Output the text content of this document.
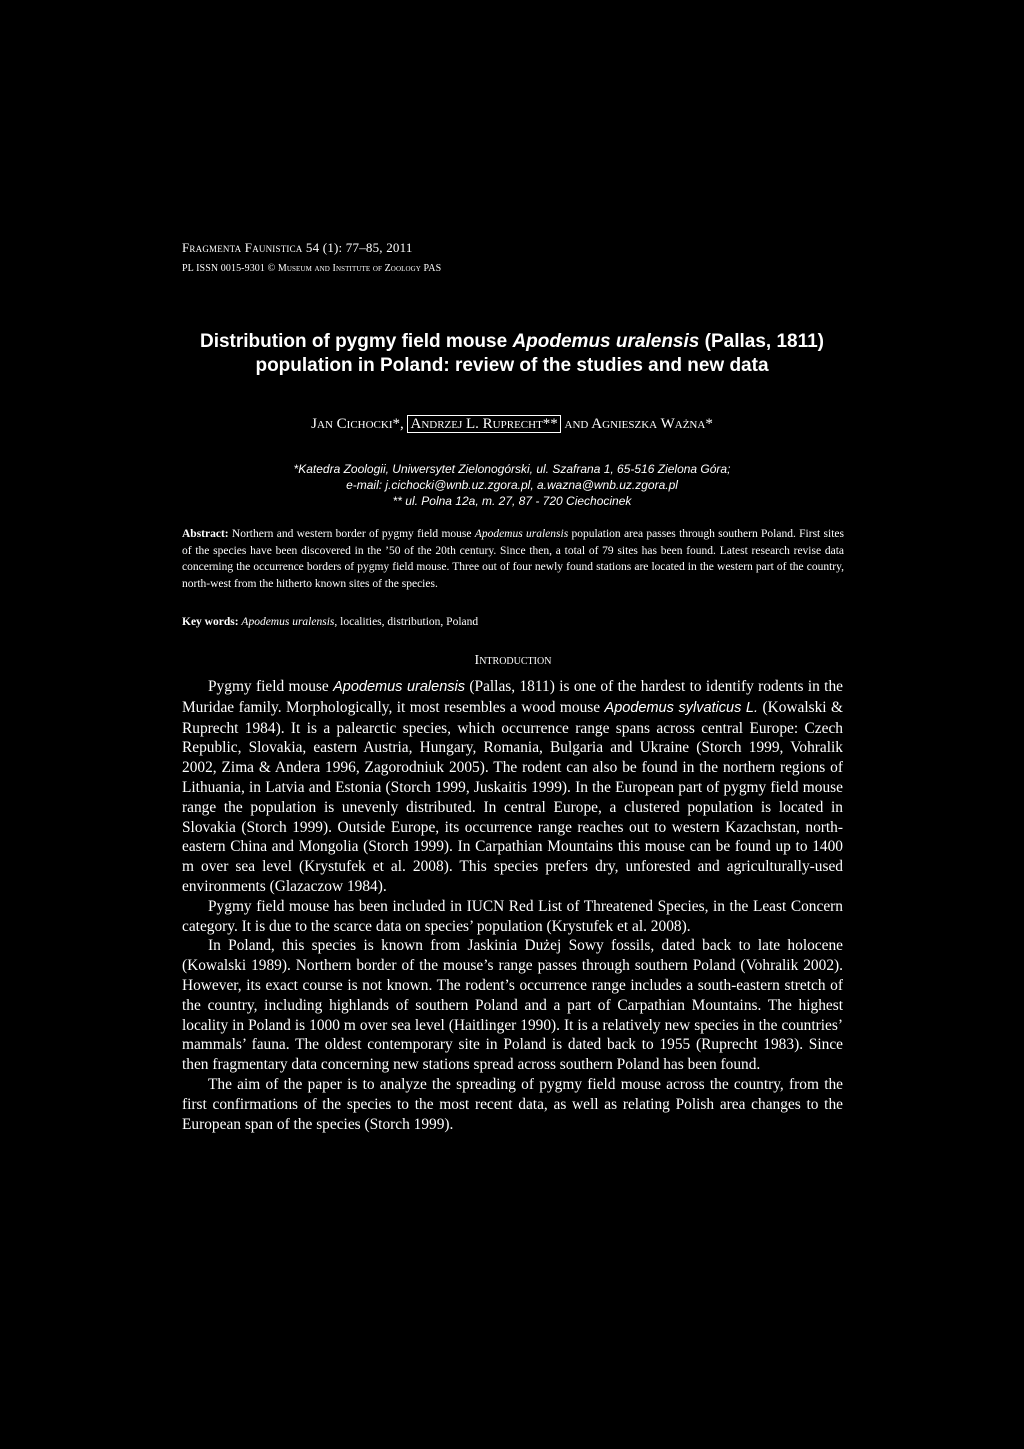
Fragmenta Faunistica 54 (1): 77–85, 2011
PL ISSN 0015-9301 © Museum and Institute of Zoology PAS
Distribution of pygmy field mouse Apodemus uralensis (Pallas, 1811) population in Poland: review of the studies and new data
Jan Cichocki*, Andrzej L. Ruprecht** and Agnieszka Ważna*
*Katedra Zoologii, Uniwersytet Zielonogórski, ul. Szafrana 1, 65-516 Zielona Góra;
e-mail: j.cichocki@wnb.uz.zgora.pl, a.wazna@wnb.uz.zgora.pl
** ul. Polna 12a, m. 27, 87 - 720 Ciechocinek
Abstract: Northern and western border of pygmy field mouse Apodemus uralensis population area passes through southern Poland. First sites of the species have been discovered in the ’50 of the 20th century. Since then, a total of 79 sites has been found. Latest research revise data concerning the occurrence borders of pygmy field mouse. Three out of four newly found stations are located in the western part of the country, north-west from the hitherto known sites of the species.
Key words: Apodemus uralensis, localities, distribution, Poland
Introduction

Pygmy field mouse Apodemus uralensis (Pallas, 1811) is one of the hardest to identify rodents in the Muridae family. Morphologically, it most resembles a wood mouse Apodemus sylvaticus L. (Kowalski & Ruprecht 1984). It is a palearctic species, which occurrence range spans across central Europe: Czech Republic, Slovakia, eastern Austria, Hungary, Romania, Bulgaria and Ukraine (Storch 1999, Vohralik 2002, Zima & Andera 1996, Zagorodniuk 2005). The rodent can also be found in the northern regions of Lithuania, in Latvia and Estonia (Storch 1999, Juskaitis 1999). In the European part of pygmy field mouse range the population is unevenly distributed. In central Europe, a clustered population is located in Slovakia (Storch 1999). Outside Europe, its occurrence range reaches out to western Kazachstan, north-eastern China and Mongolia (Storch 1999). In Carpathian Mountains this mouse can be found up to 1400 m over sea level (Krystufek et al. 2008). This species prefers dry, unforested and agriculturally-used environments (Glazaczow 1984).

Pygmy field mouse has been included in IUCN Red List of Threatened Species, in the Least Concern category. It is due to the scarce data on species’ population (Krystufek et al. 2008).

In Poland, this species is known from Jaskinia Dużej Sowy fossils, dated back to late holocene (Kowalski 1989). Northern border of the mouse’s range passes through southern Poland (Vohralik 2002). However, its exact course is not known. The rodent’s occurrence range includes a south-eastern stretch of the country, including highlands of southern Poland and a part of Carpathian Mountains. The highest locality in Poland is 1000 m over sea level (Haitlinger 1990). It is a relatively new species in the countries’ mammals’ fauna. The oldest contemporary site in Poland is dated back to 1955 (Ruprecht 1983). Since then fragmentary data concerning new stations spread across southern Poland has been found.

The aim of the paper is to analyze the spreading of pygmy field mouse across the country, from the first confirmations of the species to the most recent data, as well as relating Polish area changes to the European span of the species (Storch 1999).
